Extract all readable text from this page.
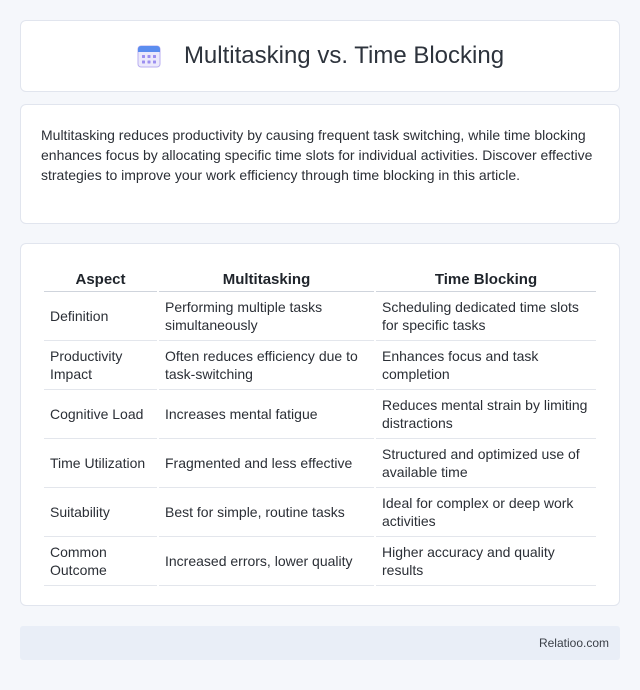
Multitasking vs. Time Blocking

Multitasking reduces productivity by causing frequent task switching, while time blocking enhances focus by allocating specific time slots for individual activities. Discover effective strategies to improve your work efficiency through time blocking in this article.

Aspect	Multitasking	Time Blocking
Definition	Performing multiple tasks simultaneously	Scheduling dedicated time slots for specific tasks
Productivity Impact	Often reduces efficiency due to task-switching	Enhances focus and task completion
Cognitive Load	Increases mental fatigue	Reduces mental strain by limiting distractions
Time Utilization	Fragmented and less effective	Structured and optimized use of available time
Suitability	Best for simple, routine tasks	Ideal for complex or deep work activities
Common Outcome	Increased errors, lower quality	Higher accuracy and quality results
Relatioo.com
